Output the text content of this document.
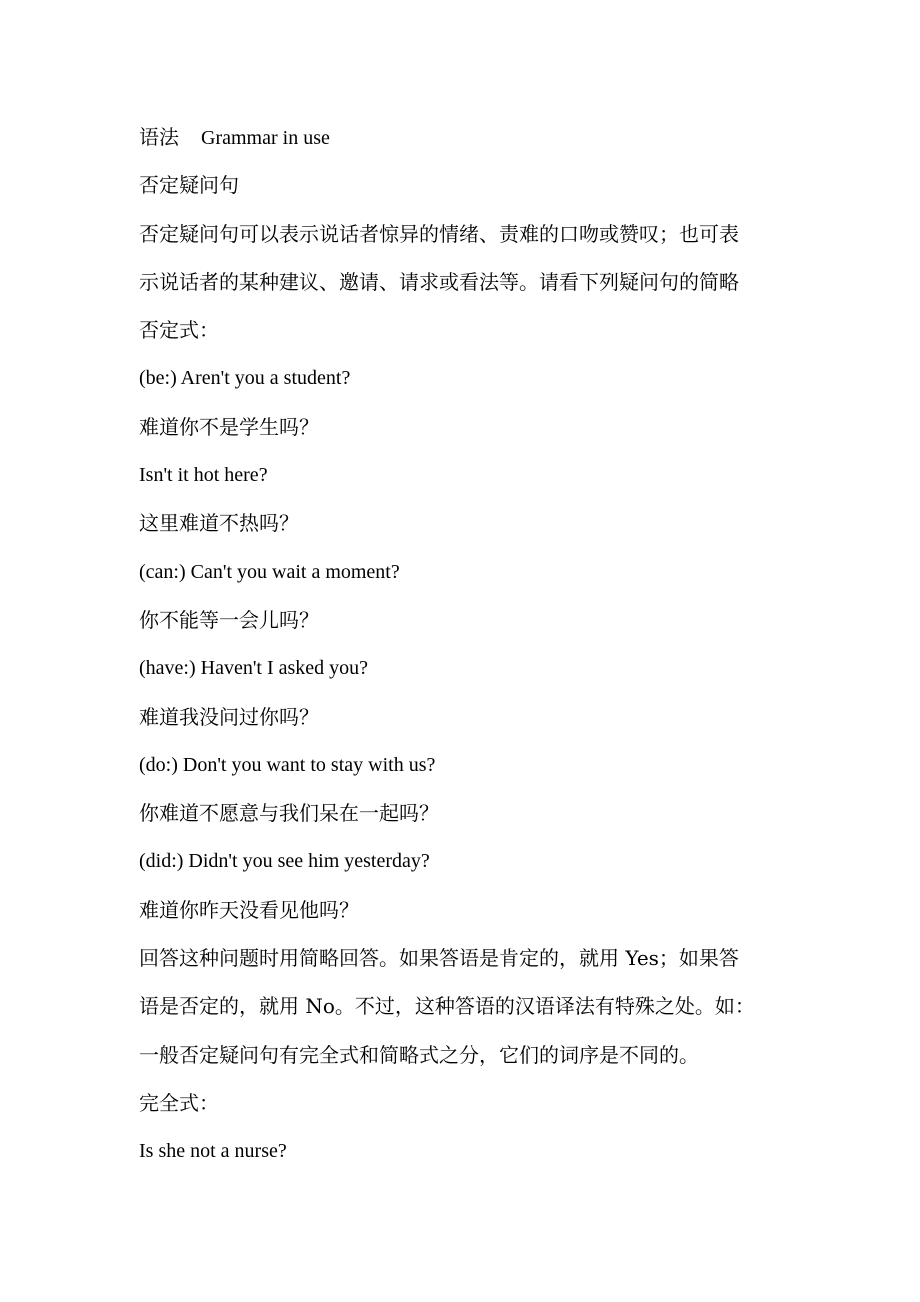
语法 Grammar in use
否定疑问句
否定疑问句可以表示说话者惊异的情绪、责难的口吻或赞叹；也可表
示说话者的某种建议、邀请、请求或看法等。请看下列疑问句的简略
否定式：
(be:) Aren't you a student?
难道你不是学生吗？
Isn't it hot here?
这里难道不热吗？
(can:) Can't you wait a moment?
你不能等一会儿吗？
(have:) Haven't I asked you?
难道我没问过你吗？
(do:) Don't you want to stay with us?
你难道不愿意与我们呆在一起吗？
(did:) Didn't you see him yesterday?
难道你昨天没看见他吗？
回答这种问题时用简略回答。如果答语是肯定的，就用 Yes；如果答
语是否定的，就用 No。不过，这种答语的汉语译法有特殊之处。如：
一般否定疑问句有完全式和简略式之分，它们的词序是不同的。
完全式：
Is she not a nurse?
